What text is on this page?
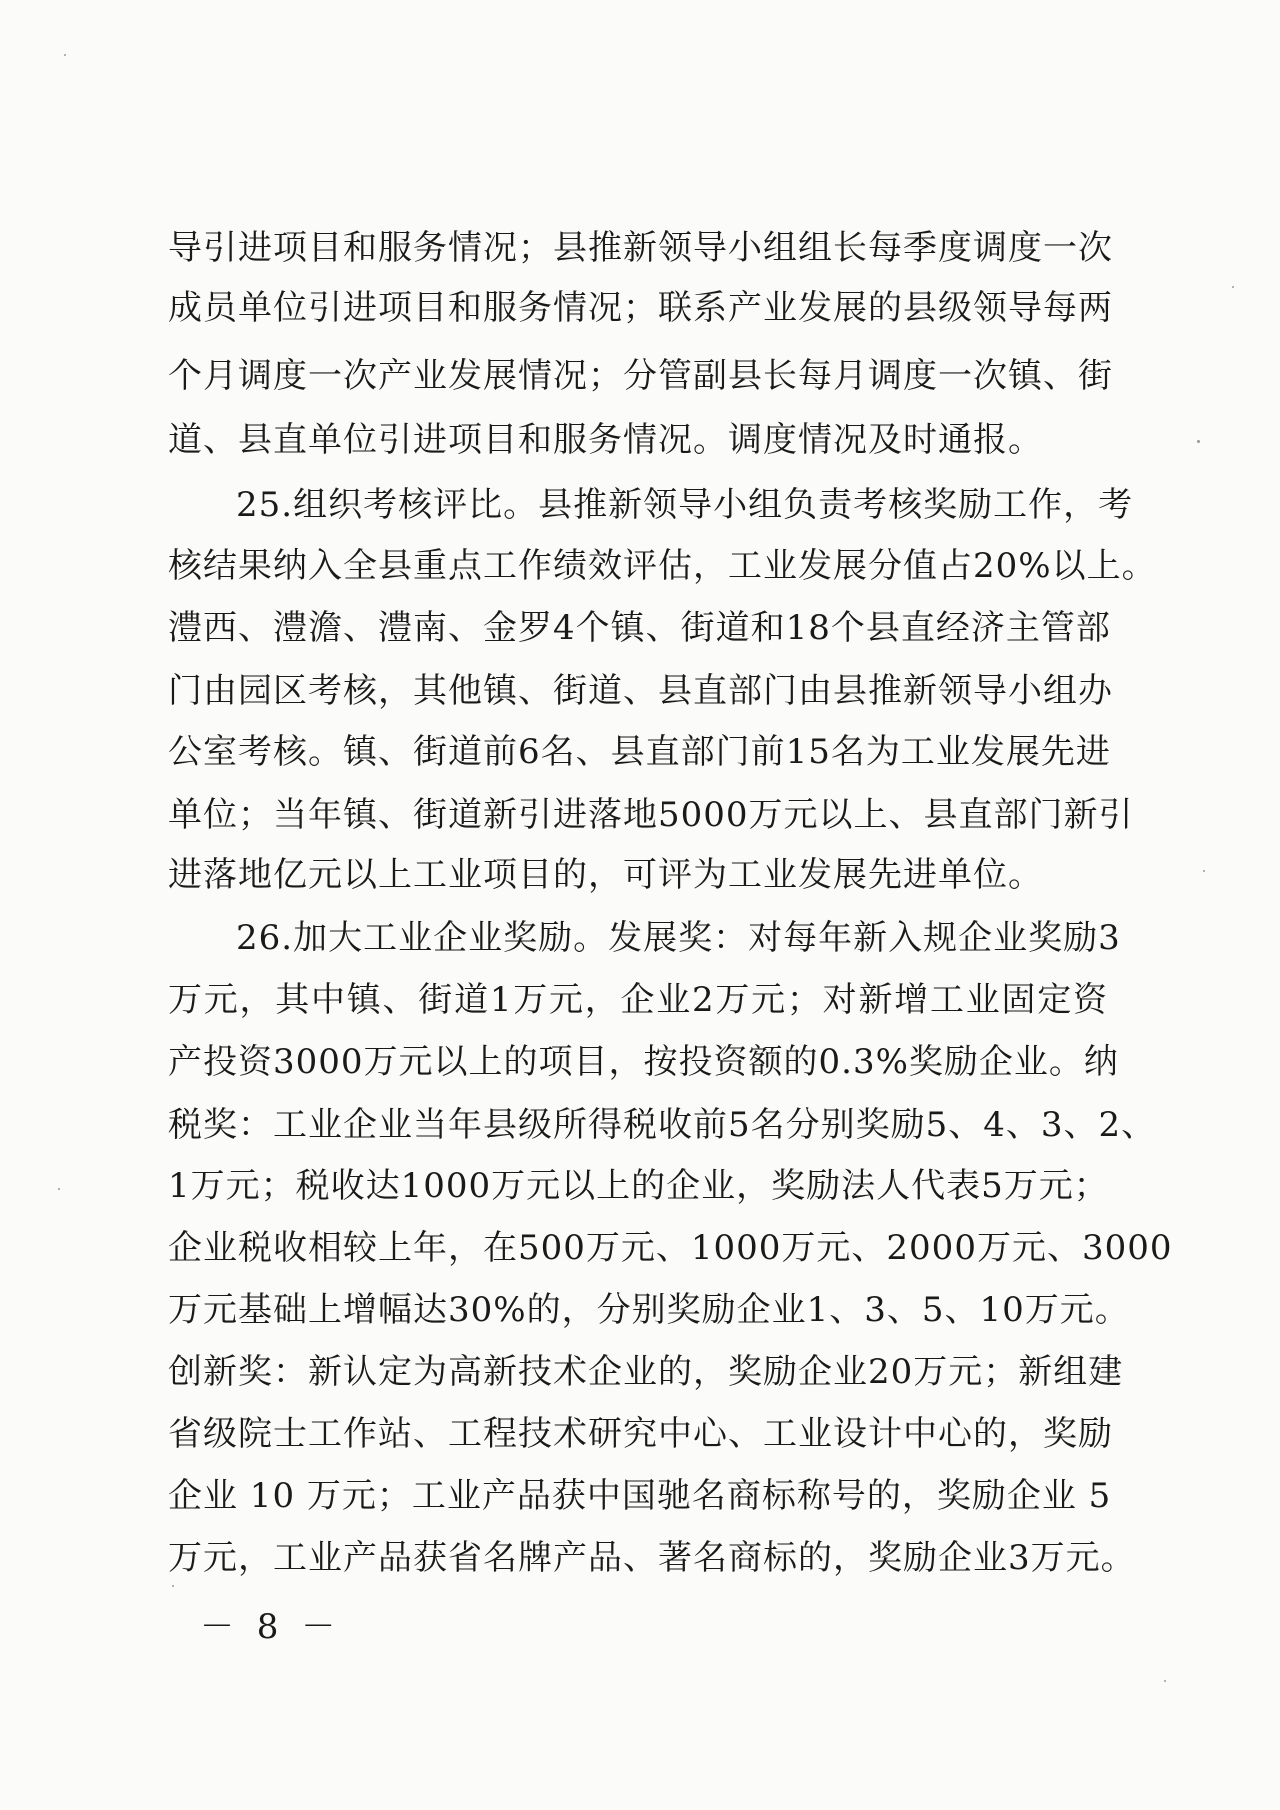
导引进项目和服务情况；县推新领导小组组长每季度调度一次
成员单位引进项目和服务情况；联系产业发展的县级领导每两
个月调度一次产业发展情况；分管副县长每月调度一次镇、街
道、县直单位引进项目和服务情况。调度情况及时通报。
25.组织考核评比。县推新领导小组负责考核奖励工作，考
核结果纳入全县重点工作绩效评估，工业发展分值占20%以上。
澧西、澧澹、澧南、金罗4个镇、街道和18个县直经济主管部
门由园区考核，其他镇、街道、县直部门由县推新领导小组办
公室考核。镇、街道前6名、县直部门前15名为工业发展先进
单位；当年镇、街道新引进落地5000万元以上、县直部门新引
进落地亿元以上工业项目的，可评为工业发展先进单位。
26.加大工业企业奖励。发展奖：对每年新入规企业奖励3
万元，其中镇、街道1万元，企业2万元；对新增工业固定资
产投资3000万元以上的项目，按投资额的0.3%奖励企业。纳
税奖：工业企业当年县级所得税收前5名分别奖励5、4、3、2、
1万元；税收达1000万元以上的企业，奖励法人代表5万元；
企业税收相较上年，在500万元、1000万元、2000万元、3000
万元基础上增幅达30%的，分别奖励企业1、3、5、10万元。
创新奖：新认定为高新技术企业的，奖励企业20万元；新组建
省级院士工作站、工程技术研究中心、工业设计中心的，奖励
企业 10 万元；工业产品获中国驰名商标称号的，奖励企业 5
万元，工业产品获省名牌产品、著名商标的，奖励企业3万元。
－ 8 －
